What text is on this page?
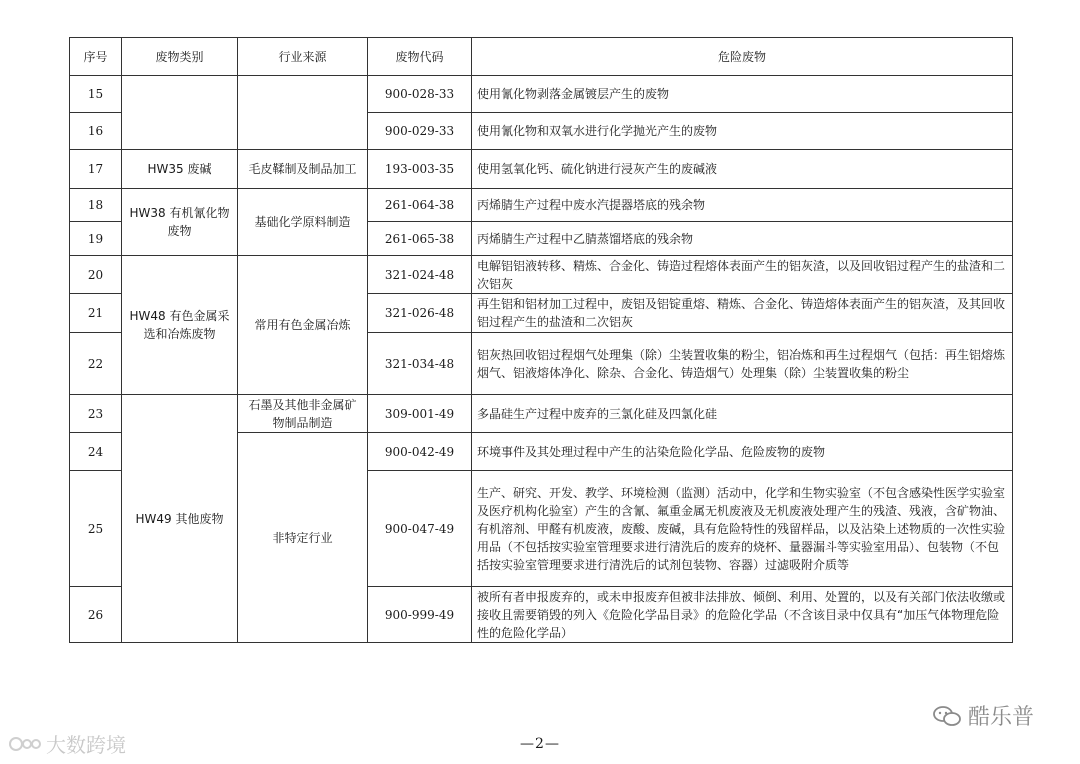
序号	废物类别	行业来源	废物代码	危险废物
15			900-028-33	使用氰化物剥落金属镀层产生的废物
16			900-029-33	使用氰化物和双氧水进行化学抛光产生的废物
17	HW35 废碱	毛皮鞣制及制品加工	193-003-35	使用氢氧化钙、硫化钠进行浸灰产生的废碱液
18	HW38 有机氰化物废物	基础化学原料制造	261-064-38	丙烯腈生产过程中废水汽提器塔底的残余物
19			261-065-38	丙烯腈生产过程中乙腈蒸馏塔底的残余物
20	HW48 有色金属采选和冶炼废物	常用有色金属冶炼	321-024-48	电解铝铝液转移、精炼、合金化、铸造过程熔体表面产生的铝灰渣，以及回收铝过程产生的盐渣和二次铝灰
21			321-026-48	再生铝和铝材加工过程中，废铝及铝锭重熔、精炼、合金化、铸造熔体表面产生的铝灰渣，及其回收铝过程产生的盐渣和二次铝灰
22			321-034-48	铝灰热回收铝过程烟气处理集（除）尘装置收集的粉尘，铝冶炼和再生过程烟气（包括：再生铝熔炼烟气、铝液熔体净化、除杂、合金化、铸造烟气）处理集（除）尘装置收集的粉尘
23	HW49 其他废物	石墨及其他非金属矿物制品制造	309-001-49	多晶硅生产过程中废弃的三氯化硅及四氯化硅
24		非特定行业	900-042-49	环境事件及其处理过程中产生的沾染危险化学品、危险废物的废物
25			900-047-49	生产、研究、开发、教学、环境检测（监测）活动中，化学和生物实验室（不包含感染性医学实验室及医疗机构化验室）产生的含氰、氟重金属无机废液及无机废液处理产生的残渣、残液，含矿物油、有机溶剂、甲醛有机废液，废酸、废碱，具有危险特性的残留样品，以及沾染上述物质的一次性实验用品（不包括按实验室管理要求进行清洗后的废弃的烧杯、量器漏斗等实验室用品）、包装物（不包括按实验室管理要求进行清洗后的试剂包装物、容器）过滤吸附介质等
26			900-999-49	被所有者申报废弃的，或未申报废弃但被非法排放、倾倒、利用、处置的，以及有关部门依法收缴或接收且需要销毁的列入《危险化学品目录》的危险化学品（不含该目录中仅具有“加压气体物理危险性的危险化学品）
大数跨境
酷乐普
—2—
